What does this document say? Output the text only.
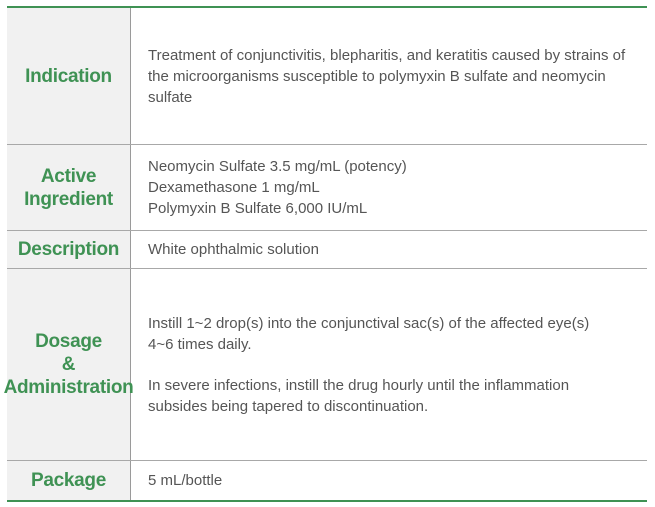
Indication
Treatment of conjunctivitis, blepharitis, and keratitis caused by strains of
the microorganisms susceptible to polymyxin B sulfate and neomycin
sulfate
Active
Ingredient
Neomycin Sulfate 3.5 mg/mL (potency)
Dexamethasone 1 mg/mL
Polymyxin B Sulfate 6,000 IU/mL
Description White ophthalmic solution
Dosage
&
Administration
Instill 1~2 drop(s) into the conjunctival sac(s) of the affected eye(s)
4~6 times daily.
In severe infections, instill the drug hourly until the inflammation
subsides being tapered to discontinuation.
Package	5 mL/bottle
